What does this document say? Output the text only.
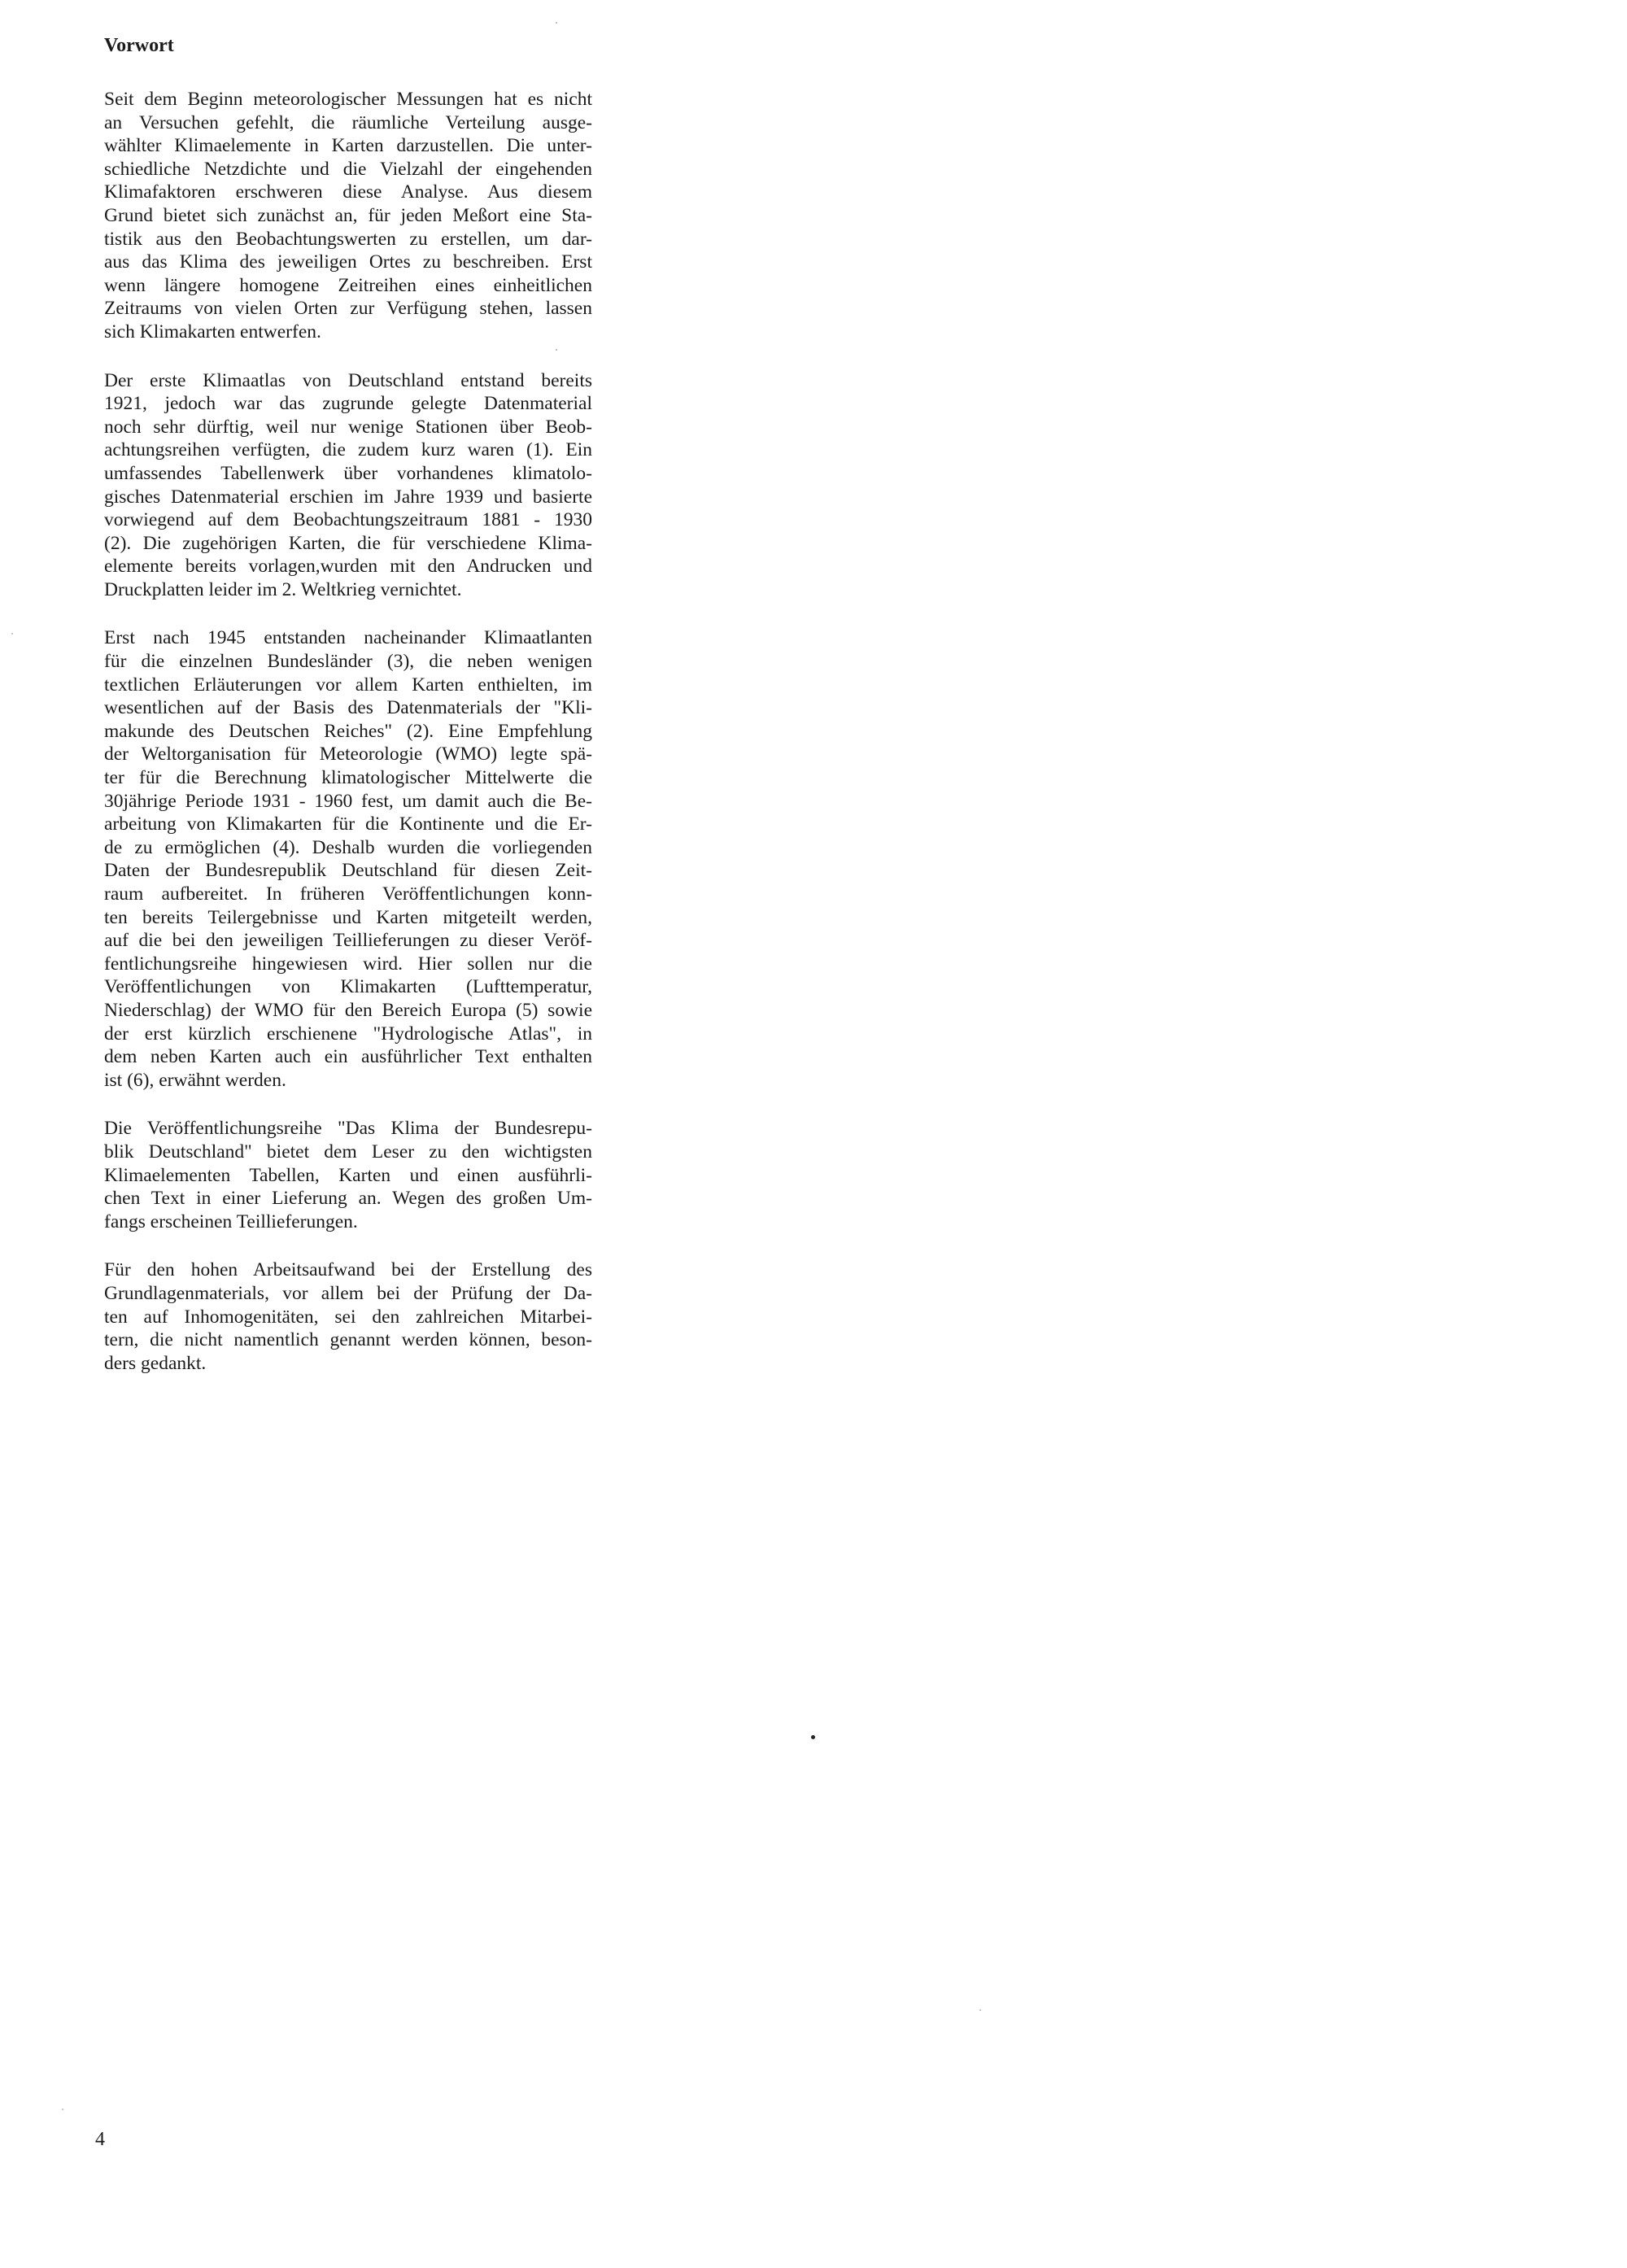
Vorwort
Seit dem Beginn meteorologischer Messungen hat es nicht
an Versuchen gefehlt, die räumliche Verteilung ausge-
wählter Klimaelemente in Karten darzustellen. Die unter-
schiedliche Netzdichte und die Vielzahl der eingehenden
Klimafaktoren erschweren diese Analyse. Aus diesem
Grund bietet sich zunächst an, für jeden Meßort eine Sta-
tistik aus den Beobachtungswerten zu erstellen, um dar-
aus das Klima des jeweiligen Ortes zu beschreiben. Erst
wenn längere homogene Zeitreihen eines einheitlichen
Zeitraums von vielen Orten zur Verfügung stehen, lassen
sich Klimakarten entwerfen.
Der erste Klimaatlas von Deutschland entstand bereits
1921, jedoch war das zugrunde gelegte Datenmaterial
noch sehr dürftig, weil nur wenige Stationen über Beob-
achtungsreihen verfügten, die zudem kurz waren (1). Ein
umfassendes Tabellenwerk über vorhandenes klimatolo-
gisches Datenmaterial erschien im Jahre 1939 und basierte
vorwiegend auf dem Beobachtungszeitraum 1881 - 1930
(2). Die zugehörigen Karten, die für verschiedene Klima-
elemente bereits vorlagen,wurden mit den Andrucken und
Druckplatten leider im 2. Weltkrieg vernichtet.
Erst nach 1945 entstanden nacheinander Klimaatlanten
für die einzelnen Bundesländer (3), die neben wenigen
textlichen Erläuterungen vor allem Karten enthielten, im
wesentlichen auf der Basis des Datenmaterials der "Kli-
makunde des Deutschen Reiches" (2). Eine Empfehlung
der Weltorganisation für Meteorologie (WMO) legte spä-
ter für die Berechnung klimatologischer Mittelwerte die
30jährige Periode 1931 - 1960 fest, um damit auch die Be-
arbeitung von Klimakarten für die Kontinente und die Er-
de zu ermöglichen (4). Deshalb wurden die vorliegenden
Daten der Bundesrepublik Deutschland für diesen Zeit-
raum aufbereitet. In früheren Veröffentlichungen konn-
ten bereits Teilergebnisse und Karten mitgeteilt werden,
auf die bei den jeweiligen Teillieferungen zu dieser Veröf-
fentlichungsreihe hingewiesen wird. Hier sollen nur die
Veröffentlichungen von Klimakarten (Lufttemperatur,
Niederschlag) der WMO für den Bereich Europa (5) sowie
der erst kürzlich erschienene "Hydrologische Atlas", in
dem neben Karten auch ein ausführlicher Text enthalten
ist (6), erwähnt werden.
Die Veröffentlichungsreihe "Das Klima der Bundesrepu-
blik Deutschland" bietet dem Leser zu den wichtigsten
Klimaelementen Tabellen, Karten und einen ausführli-
chen Text in einer Lieferung an. Wegen des großen Um-
fangs erscheinen Teillieferungen.
Für den hohen Arbeitsaufwand bei der Erstellung des
Grundlagenmaterials, vor allem bei der Prüfung der Da-
ten auf Inhomogenitäten, sei den zahlreichen Mitarbei-
tern, die nicht namentlich genannt werden können, beson-
ders gedankt.
4
